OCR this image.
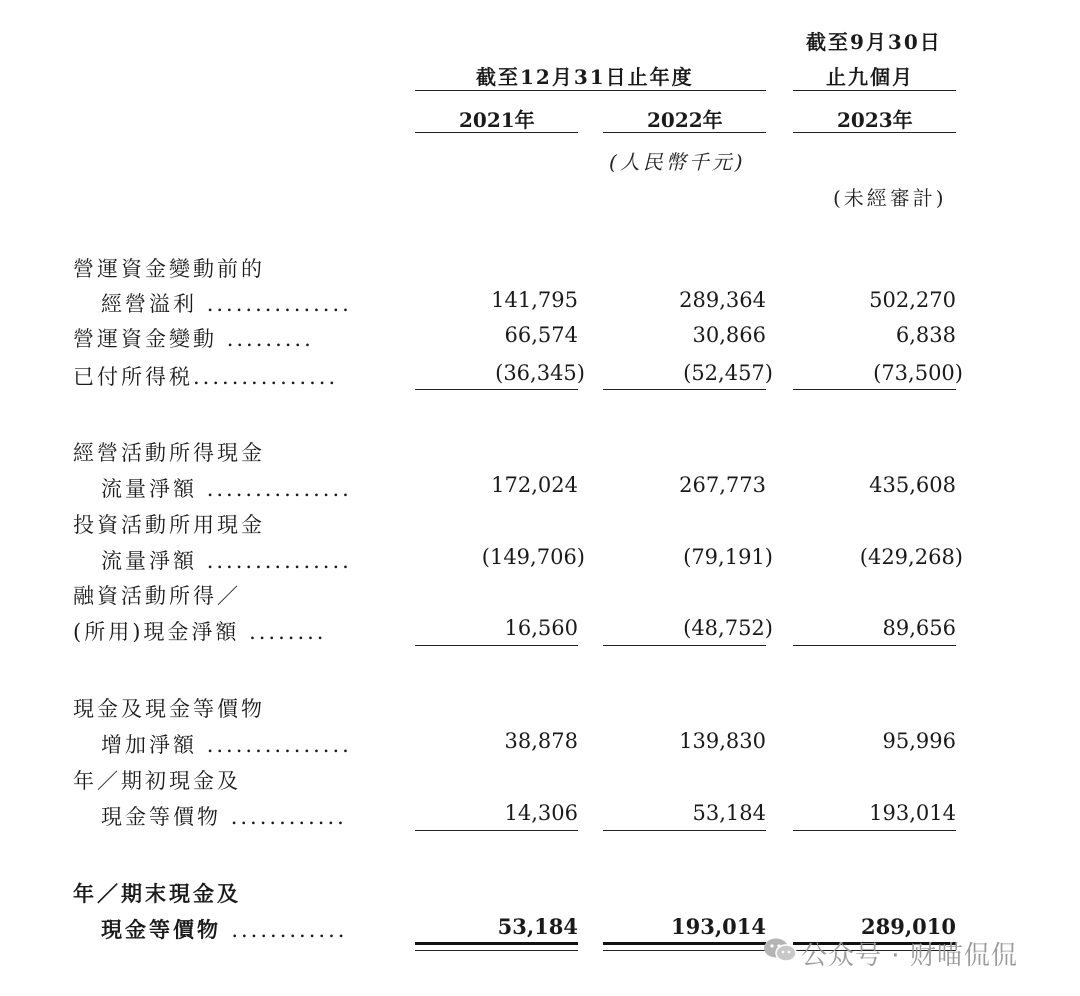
截至9月30日
截至12月31日止年度	止九個月
2021年	2022年	2023年
(人民幣千元)
(未經審計)
營運資金變動前的
經營溢利 ...............	141,795	289,364	502,270
營運資金變動 .........	66,574	30,866	6,838
已付所得税...............	(36,345)	(52,457)	(73,500)
經營活動所得現金
流量淨額 ...............	172,024	267,773	435,608
投資活動所用現金
流量淨額 ...............	(149,706)	(79,191)	(429,268)
融資活動所得／
(所用)現金淨額 ........	16,560	(48,752)	89,656
現金及現金等價物
增加淨額 ...............	38,878	139,830	95,996
年／期初現金及
現金等價物 ............	14,306	53,184	193,014
年／期末現金及
現金等價物 ............	53,184	193,014	289,010
公众号 · 财喵侃侃
